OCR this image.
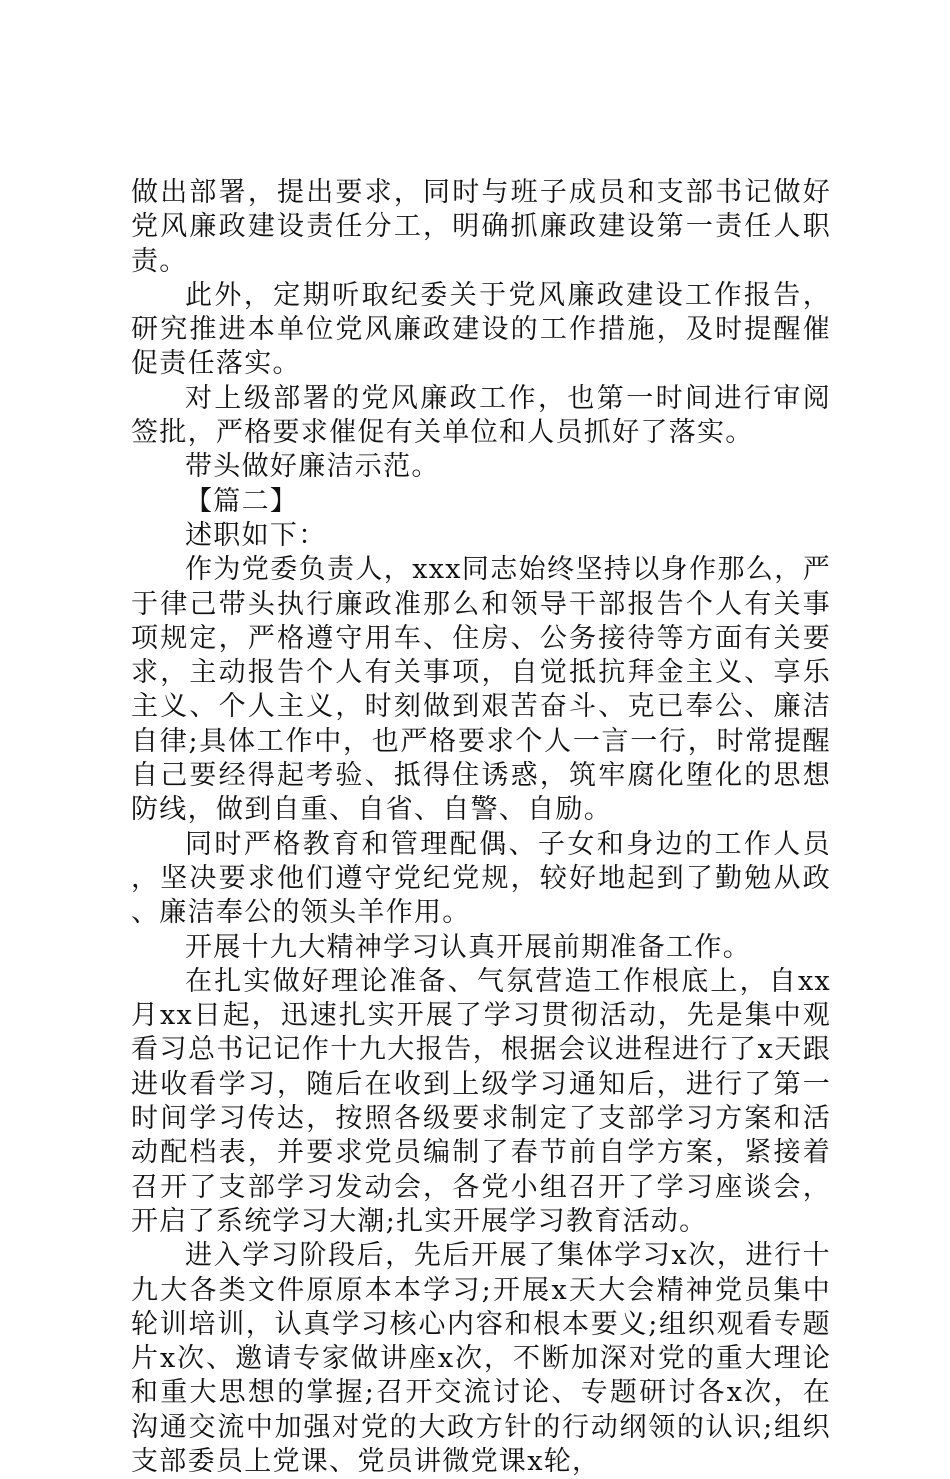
做出部署，提出要求，同时与班子成员和支部书记做好党风廉政建设责任分工，明确抓廉政建设第一责任人职责。

此外，定期听取纪委关于党风廉政建设工作报告，研究推进本单位党风廉政建设的工作措施，及时提醒催促责任落实。

对上级部署的党风廉政工作，也第一时间进行审阅签批，严格要求催促有关单位和人员抓好了落实。

带头做好廉洁示范。

【篇二】

述职如下：

作为党委负责人，xxx同志始终坚持以身作那么，严于律己带头执行廉政准那么和领导干部报告个人有关事项规定，严格遵守用车、住房、公务接待等方面有关要求，主动报告个人有关事项，自觉抵抗拜金主义、享乐主义、个人主义，时刻做到艰苦奋斗、克已奉公、廉洁自律;具体工作中，也严格要求个人一言一行，时常提醒自己要经得起考验、抵得住诱惑，筑牢腐化堕化的思想防线，做到自重、自省、自警、自励。

同时严格教育和管理配偶、子女和身边的工作人员，坚决要求他们遵守党纪党规，较好地起到了勤勉从政、廉洁奉公的领头羊作用。

开展十九大精神学习认真开展前期准备工作。

在扎实做好理论准备、气氛营造工作根底上，自xx月xx日起，迅速扎实开展了学习贯彻活动，先是集中观看习总书记记作十九大报告，根据会议进程进行了x天跟进收看学习，随后在收到上级学习通知后，进行了第一时间学习传达，按照各级要求制定了支部学习方案和活动配档表，并要求党员编制了春节前自学方案，紧接着召开了支部学习发动会，各党小组召开了学习座谈会，开启了系统学习大潮;扎实开展学习教育活动。

进入学习阶段后，先后开展了集体学习x次，进行十九大各类文件原原本本学习;开展x天大会精神党员集中轮训培训，认真学习核心内容和根本要义;组织观看专题片x次、邀请专家做讲座x次，不断加深对党的重大理论和重大思想的掌握;召开交流讨论、专题研讨各x次，在沟通交流中加强对党的大政方针的行动纲领的认识;组织支部委员上党课、党员讲微党课x轮，
